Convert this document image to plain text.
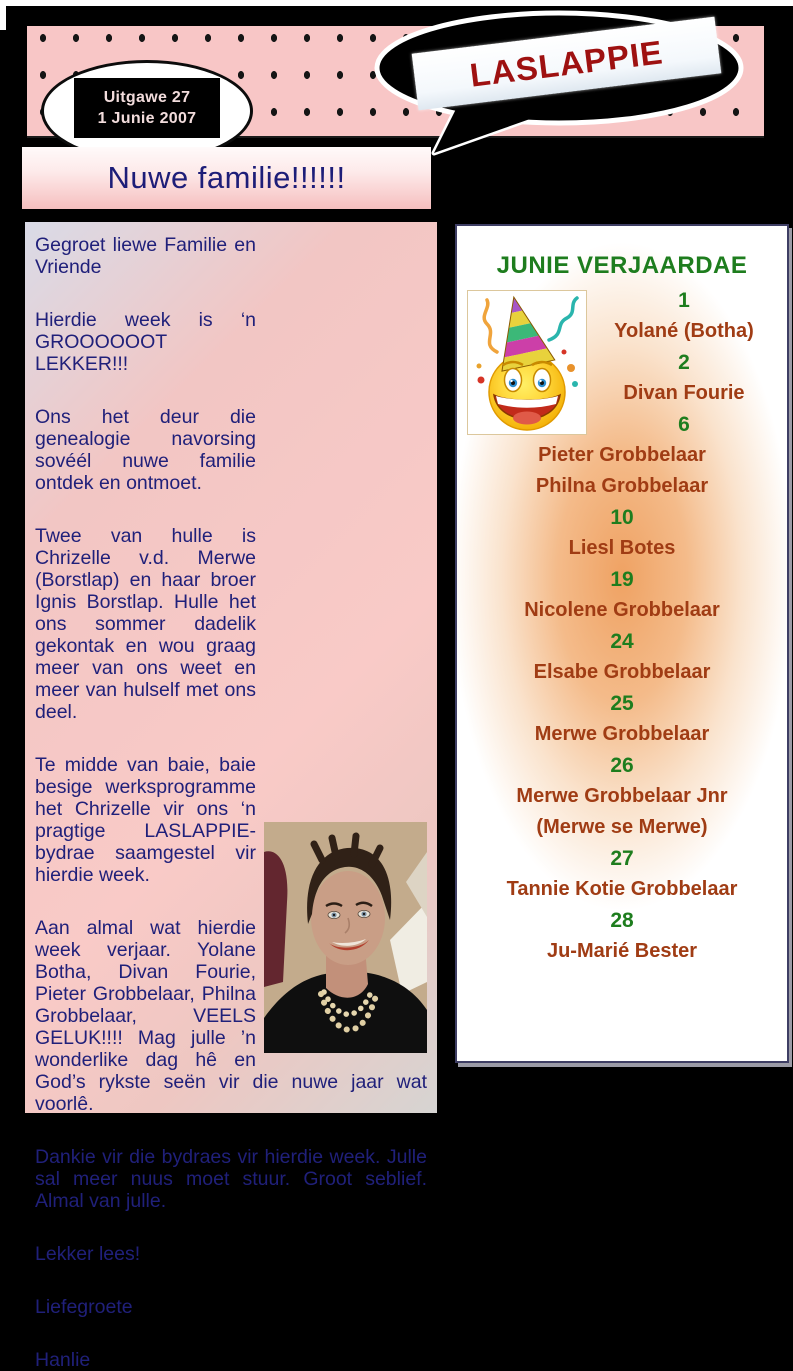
Uitgawe 27
1 Junie 2007
LASLAPPIE
Nuwe familie!!!!!!

Gegroet liewe Familie en Vriende

Hierdie week is ‘n GROOOOOOT LEKKER!!!

Ons het deur die genealogie navorsing sovéél nuwe familie ontdek en ontmoet.

Twee van hulle is Chrizelle v.d. Merwe (Borstlap) en haar broer Ignis Borstlap. Hulle het ons sommer dadelik gekontak en wou graag meer van ons weet en meer van hulself met ons deel.

Te midde van baie, baie besige werksprogramme het Chrizelle vir ons ‘n pragtige LASLAPPIE-bydrae saamgestel vir hierdie week.

Aan almal wat hierdie week verjaar. Yolane Botha, Divan Fourie, Pieter Grobbelaar, Philna Grobbelaar, VEELS GELUK!!!! Mag julle ’n wonderlike dag hê en God’s rykste seën vir die nuwe jaar wat voorlê.

Dankie vir die bydraes vir hierdie week. Julle sal meer nuus moet stuur. Groot seblief. Almal van julle.

Lekker lees!

Liefegroete

Hanlie

JUNIE VERJAARDAE
1
Yolané (Botha)
2
Divan Fourie
6
Pieter Grobbelaar
Philna Grobbelaar
10
Liesl Botes
19
Nicolene Grobbelaar
24
Elsabe Grobbelaar
25
Merwe Grobbelaar
26
Merwe Grobbelaar Jnr
(Merwe se Merwe)
27
Tannie Kotie Grobbelaar
28
Ju-Marié Bester
